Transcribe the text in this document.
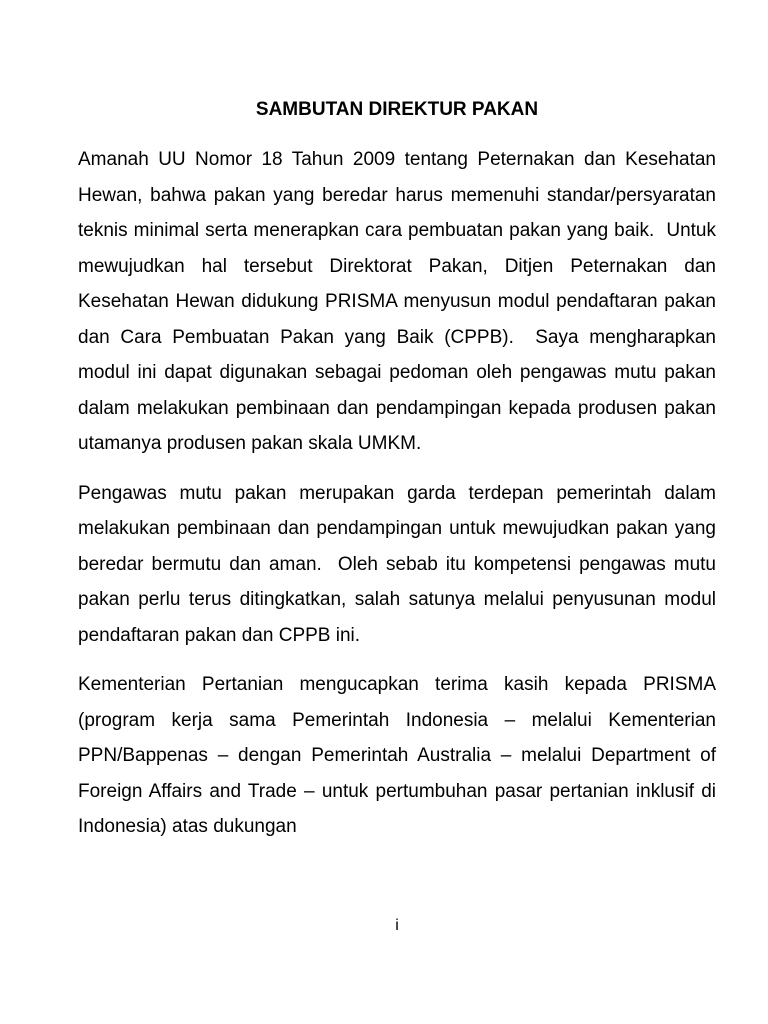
SAMBUTAN DIREKTUR PAKAN

Amanah UU Nomor 18 Tahun 2009 tentang Peternakan dan Kesehatan Hewan, bahwa pakan yang beredar harus memenuhi standar/persyaratan teknis minimal serta menerapkan cara pembuatan pakan yang baik.  Untuk mewujudkan hal tersebut Direktorat Pakan, Ditjen Peternakan dan Kesehatan Hewan didukung PRISMA menyusun modul pendaftaran pakan dan Cara Pembuatan Pakan yang Baik (CPPB).  Saya mengharapkan modul ini dapat digunakan sebagai pedoman oleh pengawas mutu pakan dalam melakukan pembinaan dan pendampingan kepada produsen pakan utamanya produsen pakan skala UMKM.

Pengawas mutu pakan merupakan garda terdepan pemerintah dalam melakukan pembinaan dan pendampingan untuk mewujudkan pakan yang beredar bermutu dan aman.  Oleh sebab itu kompetensi pengawas mutu pakan perlu terus ditingkatkan, salah satunya melalui penyusunan modul pendaftaran pakan dan CPPB ini.

Kementerian Pertanian mengucapkan terima kasih kepada PRISMA (program kerja sama Pemerintah Indonesia – melalui Kementerian PPN/Bappenas – dengan Pemerintah Australia – melalui Department of Foreign Affairs and Trade – untuk pertumbuhan pasar pertanian inklusif di Indonesia) atas dukungan

i
